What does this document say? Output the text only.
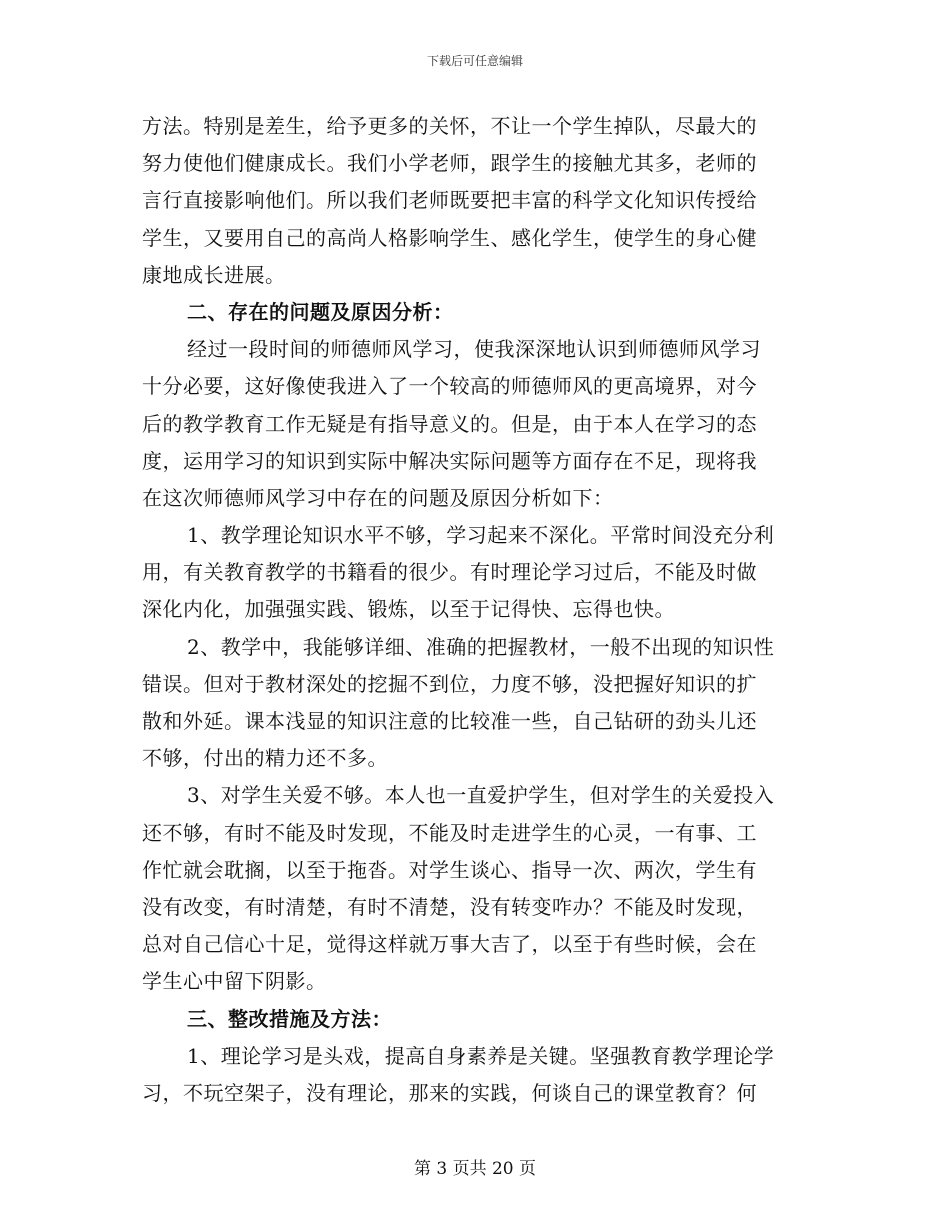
下载后可任意编辑
方法。特别是差生，给予更多的关怀，不让一个学生掉队，尽最大的
努力使他们健康成长。我们小学老师，跟学生的接触尤其多，老师的
言行直接影响他们。所以我们老师既要把丰富的科学文化知识传授给
学生，又要用自己的高尚人格影响学生、感化学生，使学生的身心健
康地成长进展。
二、存在的问题及原因分析：
经过一段时间的师德师风学习，使我深深地认识到师德师风学习
十分必要，这好像使我进入了一个较高的师德师风的更高境界，对今
后的教学教育工作无疑是有指导意义的。但是，由于本人在学习的态
度，运用学习的知识到实际中解决实际问题等方面存在不足，现将我
在这次师德师风学习中存在的问题及原因分析如下：
1、教学理论知识水平不够，学习起来不深化。平常时间没充分利
用，有关教育教学的书籍看的很少。有时理论学习过后，不能及时做
深化内化，加强强实践、锻炼，以至于记得快、忘得也快。
2、教学中，我能够详细、准确的把握教材，一般不出现的知识性
错误。但对于教材深处的挖掘不到位，力度不够，没把握好知识的扩
散和外延。课本浅显的知识注意的比较准一些，自己钻研的劲头儿还
不够，付出的精力还不多。
3、对学生关爱不够。本人也一直爱护学生，但对学生的关爱投入
还不够，有时不能及时发现，不能及时走进学生的心灵，一有事、工
作忙就会耽搁，以至于拖沓。对学生谈心、指导一次、两次，学生有
没有改变，有时清楚，有时不清楚，没有转变咋办？不能及时发现，
总对自己信心十足，觉得这样就万事大吉了，以至于有些时候，会在
学生心中留下阴影。
三、整改措施及方法：
1、理论学习是头戏，提高自身素养是关键。坚强教育教学理论学
习，不玩空架子，没有理论，那来的实践，何谈自己的课堂教育？何
第 3 页共 20 页
